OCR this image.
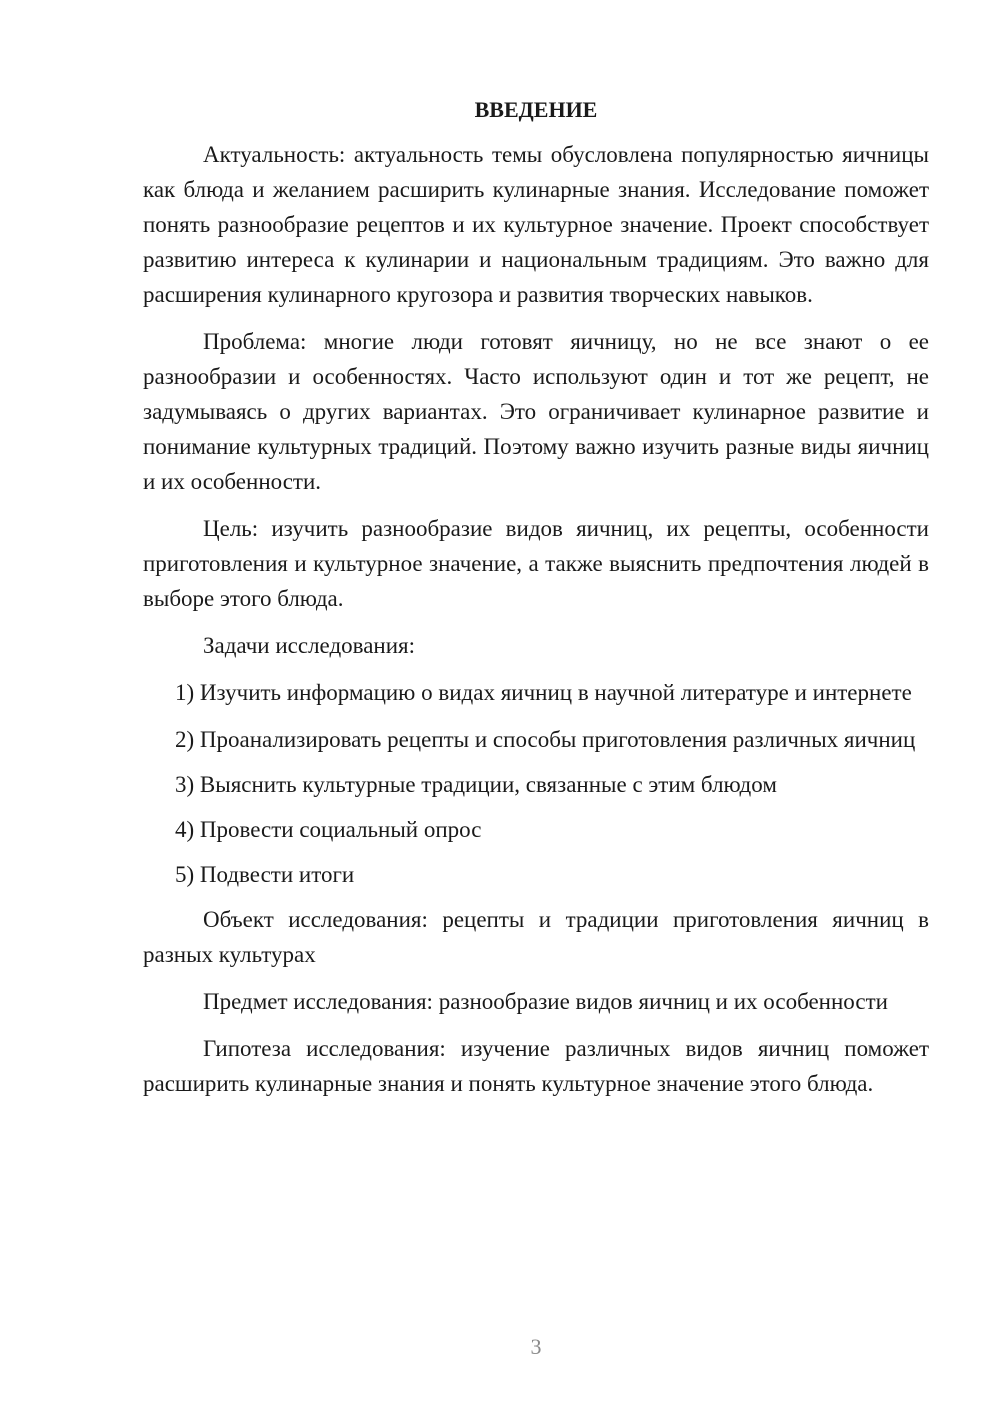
ВВЕДЕНИЕ

Актуальность: актуальность темы обусловлена популярностью яичницы как блюда и желанием расширить кулинарные знания. Исследование поможет понять разнообразие рецептов и их культурное значение. Проект способствует развитию интереса к кулинарии и национальным традициям. Это важно для расширения кулинарного кругозора и развития творческих навыков.

Проблема: многие люди готовят яичницу, но не все знают о ее разнообразии и особенностях. Часто используют один и тот же рецепт, не задумываясь о других вариантах. Это ограничивает кулинарное развитие и понимание культурных традиций. Поэтому важно изучить разные виды яичниц и их особенности.

Цель: изучить разнообразие видов яичниц, их рецепты, особенности приготовления и культурное значение, а также выяснить предпочтения людей в выборе этого блюда.

Задачи исследования:

1) Изучить информацию о видах яичниц в научной литературе и интернете

2) Проанализировать рецепты и способы приготовления различных яичниц

3) Выяснить культурные традиции, связанные с этим блюдом

4) Провести социальный опрос

5) Подвести итоги

Объект исследования: рецепты и традиции приготовления яичниц в разных культурах

Предмет исследования: разнообразие видов яичниц и их особенности

Гипотеза исследования: изучение различных видов яичниц поможет расширить кулинарные знания и понять культурное значение этого блюда.

3
